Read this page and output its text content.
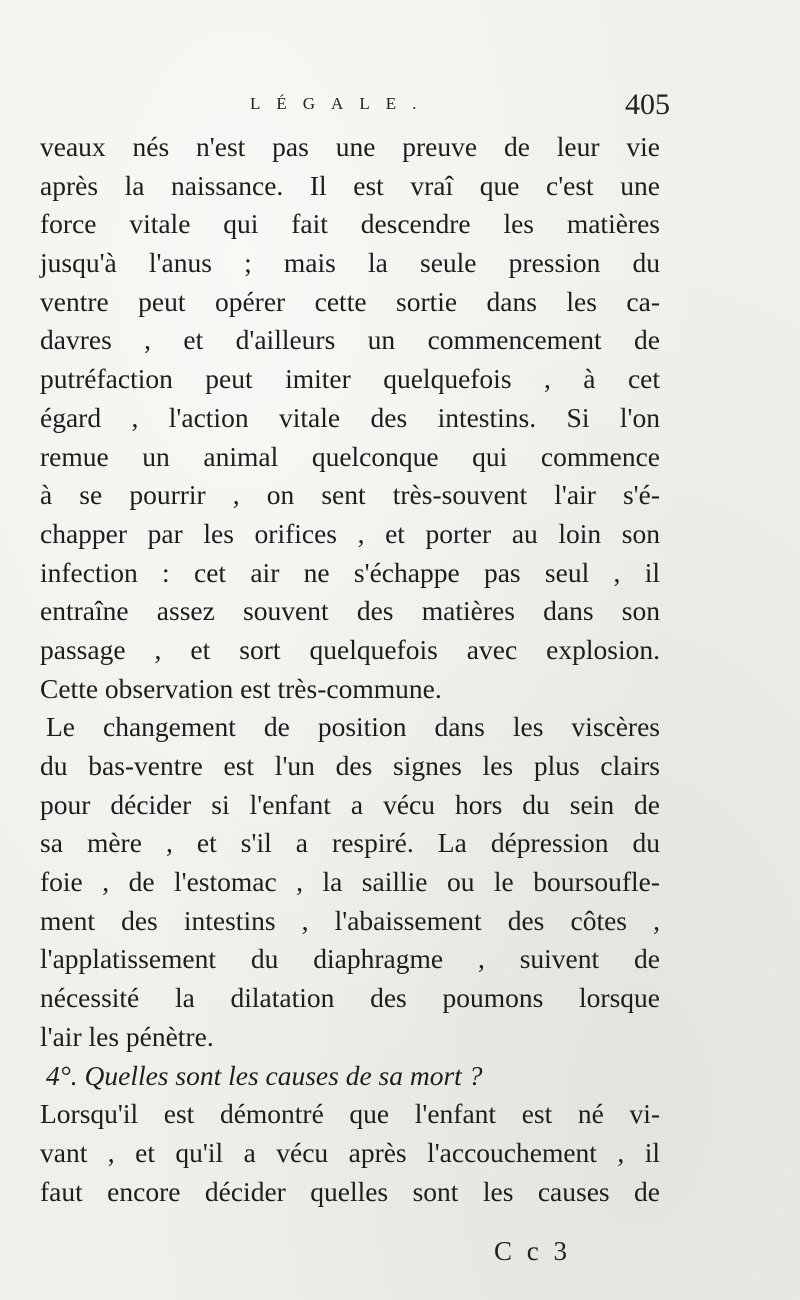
LÉGALE.	405
veaux nés n'est pas une preuve de leur vie
après la naissance. Il est vraî que c'est une
force vitale qui fait descendre les matières
jusqu'à l'anus ; mais la seule pression du
ventre peut opérer cette sortie dans les ca-
davres , et d'ailleurs un commencement de
putréfaction peut imiter quelquefois , à cet
égard , l'action vitale des intestins. Si l'on
remue un animal quelconque qui commence
à se pourrir , on sent très-souvent l'air s'é-
chapper par les orifices , et porter au loin son
infection : cet air ne s'échappe pas seul , il
entraîne assez souvent des matières dans son
passage , et sort quelquefois avec explosion.
Cette observation est très-commune.
Le changement de position dans les viscères
du bas-ventre est l'un des signes les plus clairs
pour décider si l'enfant a vécu hors du sein de
sa mère , et s'il a respiré. La dépression du
foie , de l'estomac , la saillie ou le boursoufle-
ment des intestins , l'abaissement des côtes ,
l'applatissement du diaphragme , suivent de
nécessité la dilatation des poumons lorsque
l'air les pénètre.
4°. Quelles sont les causes de sa mort ?
Lorsqu'il est démontré que l'enfant est né vi-
vant , et qu'il a vécu après l'accouchement , il
faut encore décider quelles sont les causes de
C c 3
